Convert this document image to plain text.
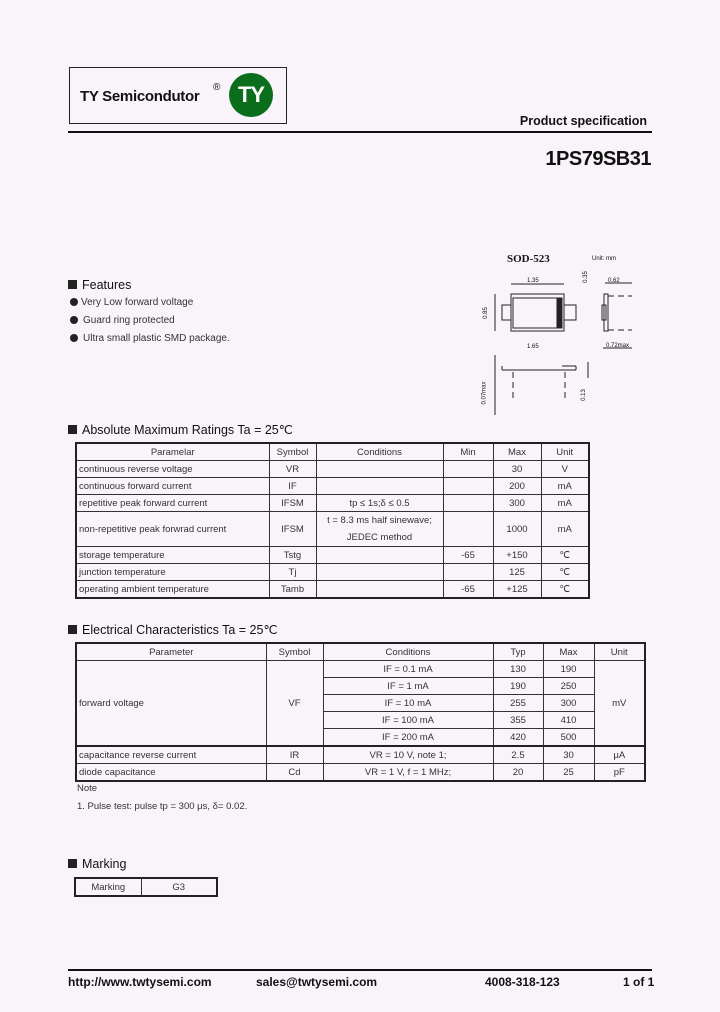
TY Semicondutor
® TY
Product specification
1PS79SB31
SOD-523	Unit: mm
1.35	0.35	0.62
0.85
1.65	0.72max
0.07max	0.13
Features
Very Low forward voltage
Guard ring protected
Ultra small plastic SMD package.
Absolute Maximum Ratings Ta = 25℃
Paramelar	Symbol	Conditions	Min	Max	Unit
continuous reverse voltage	VR			30	V
continuous forward current	IF			200	mA
repetitive peak forward current	IFSM	tp ≤ 1s;δ ≤ 0.5		300	mA
non-repetitive peak forwrad current	IFSM	t = 8.3 ms half sinewave;
JEDEC method		1000	mA
storage temperature	Tstg		-65	+150	℃
junction temperature	Tj			125	℃
operating ambient temperature	Tamb		-65	+125	℃
Electrical Characteristics Ta = 25℃
Parameter	Symbol	Conditions	Typ	Max	Unit
forward voltage	VF	IF = 0.1 mA	130	190	mV
		IF = 1 mA	190	250	
		IF = 10 mA	255	300	
		IF = 100 mA	355	410	
		IF = 200 mA	420	500	
capacitance reverse current	IR	VR = 10 V, note 1;	2.5	30	μA
diode capacitance	Cd	VR = 1 V, f = 1 MHz;	20	25	pF
Note
1. Pulse test: pulse tp = 300 μs, δ= 0.02.
Marking
Marking	G3
http://www.twtysemi.com	sales@twtysemi.com	4008-318-123	1 of 1
